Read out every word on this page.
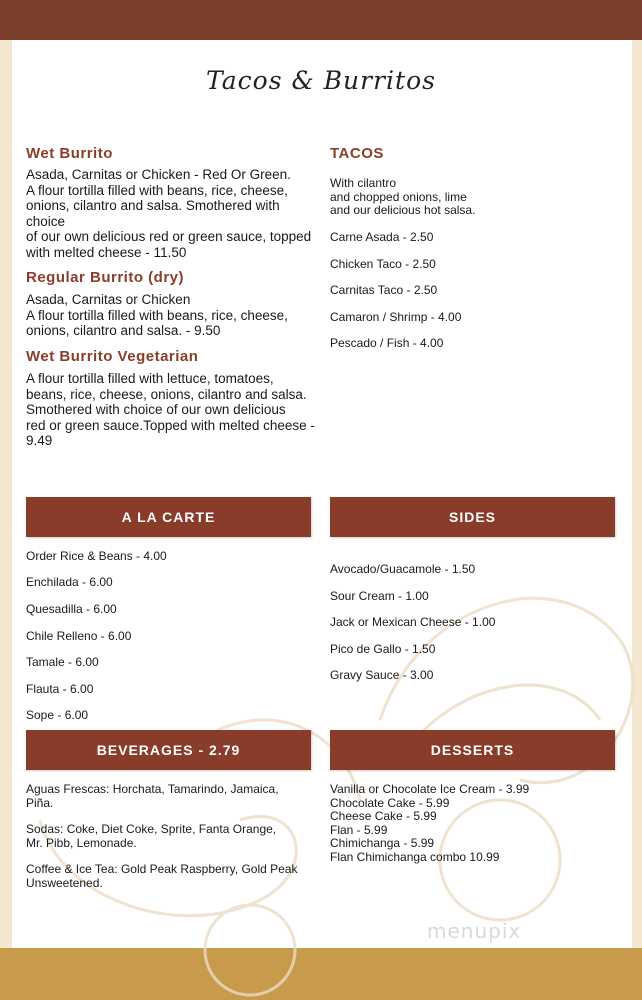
Tacos & Burritos
Wet Burrito
Asada, Carnitas or Chicken - Red Or Green.
A flour tortilla filled with beans, rice, cheese,
onions, cilantro and salsa. Smothered with
choice
of our own delicious red or green sauce, topped
with melted cheese - 11.50
Regular Burrito (dry)
Asada, Carnitas or Chicken
A flour tortilla filled with beans, rice, cheese,
onions, cilantro and salsa. - 9.50
Wet Burrito Vegetarian
A flour tortilla filled with lettuce, tomatoes,
beans, rice, cheese, onions, cilantro and salsa.
Smothered with choice of our own delicious
red or green sauce.Topped with melted cheese -
9.49
TACOS
With cilantro
and chopped onions, lime
and our delicious hot salsa.
Carne Asada - 2.50
Chicken Taco - 2.50
Carnitas Taco - 2.50
Camaron / Shrimp - 4.00
Pescado / Fish - 4.00
A LA CARTE	SIDES
Order Rice & Beans - 4.00
Enchilada - 6.00
Quesadilla - 6.00
Chile Relleno - 6.00
Tamale - 6.00
Flauta - 6.00
Sope - 6.00
Avocado/Guacamole - 1.50
Sour Cream - 1.00
Jack or Mexican Cheese - 1.00
Pico de Gallo - 1.50
Gravy Sauce - 3.00
BEVERAGES - 2.79	DESSERTS
Aguas Frescas: Horchata, Tamarindo, Jamaica,
Piña.
Sodas: Coke, Diet Coke, Sprite, Fanta Orange,
Mr. Pibb, Lemonade.
Coffee & Ice Tea: Gold Peak Raspberry, Gold Peak
Unsweetened.
Vanilla or Chocolate Ice Cream - 3.99
Chocolate Cake - 5.99
Cheese Cake - 5.99
Flan - 5.99
Chimichanga - 5.99
Flan Chimichanga combo 10.99
menupix
